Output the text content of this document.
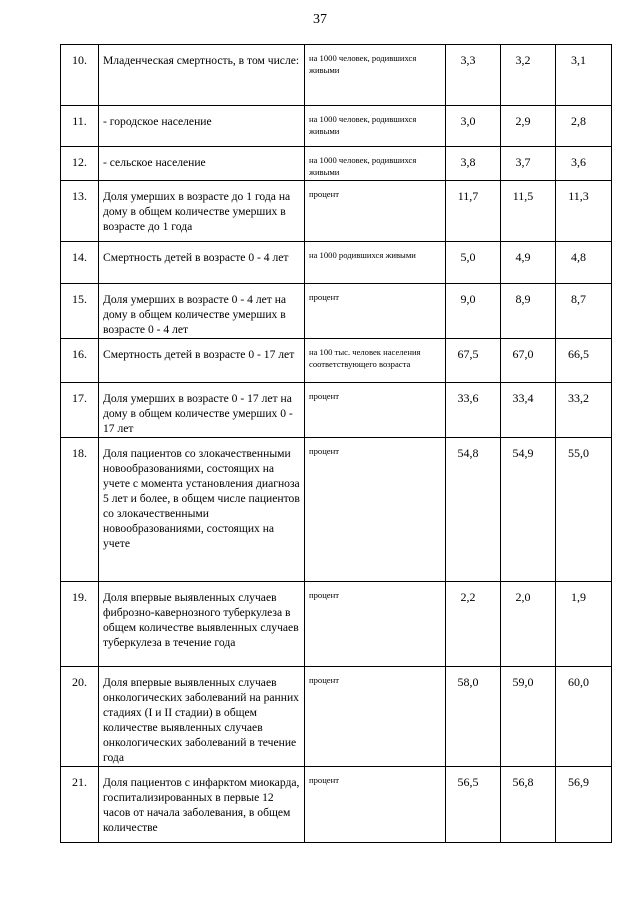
37
10.	Младенческая смертность, в том числе:	на 1000 человек, родившихся живыми	3,3	3,2	3,1

11.	- городское население	на 1000 человек, родившихся живыми	3,0	2,9	2,8

12.	- сельское население	на 1000 человек, родившихся живыми	3,8	3,7	3,6

13.	Доля умерших в возрасте до 1 года на дому в общем количестве умерших в возрасте до 1 года	процент	11,7	11,5	11,3

14.	Смертность детей в возрасте 0 - 4 лет	на 1000 родившихся живыми	5,0	4,9	4,8

15.	Доля умерших в возрасте 0 - 4 лет на дому в общем количестве умерших в возрасте 0 - 4 лет	процент	9,0	8,9	8,7

16.	Смертность детей в возрасте 0 - 17 лет	на 100 тыс. человек населения соответствующего возраста	67,5	67,0	66,5

17.	Доля умерших в возрасте 0 - 17 лет на дому в общем количестве умерших 0 - 17 лет	процент	33,6	33,4	33,2

18.	Доля пациентов со злокачественными новообразованиями, состоящих на учете с момента установления диагноза 5 лет и более, в общем числе пациентов со злокачественными новообразованиями, состоящих на учете	процент	54,8	54,9	55,0

19.	Доля впервые выявленных случаев фиброзно-кавернозного туберкулеза в общем количестве выявленных случаев туберкулеза в течение года	процент	2,2	2,0	1,9

20.	Доля впервые выявленных случаев онкологических заболеваний на ранних стадиях (I и II стадии) в общем количестве выявленных случаев онкологических заболеваний в течение года	процент	58,0	59,0	60,0

21.	Доля пациентов с инфарктом миокарда, госпитализированных в первые 12 часов от начала заболевания, в общем количестве	процент	56,5	56,8	56,9
